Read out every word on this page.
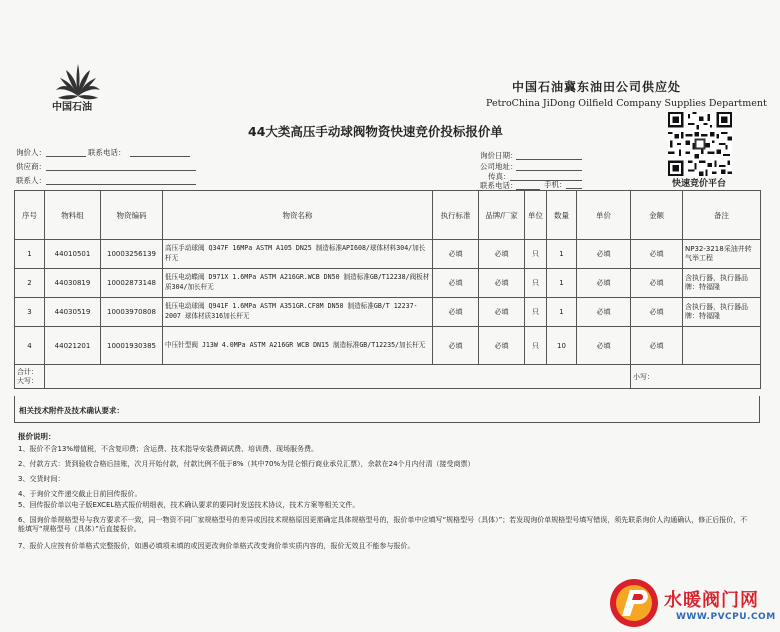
中国石油
中国石油冀东油田公司供应处
PetroChina JiDong Oilfield Company Supplies Department
44大类高压手动球阀物资快速竞价投标报价单
快速竞价平台
询价人：	联系电话：
供应商：
联系人：
询价日期：
公司地址：
传真：
联系电话：	手机：
序号	物料组	物资编码	物资名称	执行标准	品牌/厂家	单位	数量	单价	金额	备注
1	44010501	10003256139	高压手动球阀 Q347F 16MPa ASTM A105 DN25 制造标准API608/球体材料304/加长杆无	必填	必填	只	1	必填	必填	NP32-3218采油井转气举工程
2	44030819	10002873148	低压电动蝶阀 D971X 1.6MPa ASTM A216GR.WCB DN50 制造标准GB/T12238/阀板材质304/加长杆无	必填	必填	只	1	必填	必填	含执行器，执行器品牌：特福隆
3	44030519	10003970808	低压电动球阀 Q941F 1.6MPa ASTM A351GR.CF8M DN50 制造标准GB/T 12237-2007 球体材质316加长杆无	必填	必填	只	1	必填	必填	含执行器，执行器品牌：特福隆
4	44021201	10001930385	中压针型阀 J13W 4.0MPa ASTM A216GR WCB DN15 制造标准GB/T12235/加长杆无	必填	必填	只	10	必填	必填	
合计：大写：									小写：	
相关技术附件及技术确认要求：
报价说明：
1、报价不含13%增值税，不含复印费；含运费、技术指导安装费调试费、培训费、现场服务费。
2、付款方式：货到验收合格后挂账，次月开始付款，付款比例不低于8%（其中70%为昆仑银行商业承兑汇票），余款在24个月内付清（接受商票）
3、交货时间：
4、于询价文件递交截止日前回传报价。
5、回传报价单以电子版EXCEL格式报价明细表，技术确认要求的要同时发送技术协议，技术方案等相关文件。
6、国询价单规格型号与我方要求不一致，同一物资不同厂家规格型号的差异或因技术规格原因更需确定具体规格型号的，报价单中应填写“规格型号（具体）”；若发现询价单规格型号填写错误，须先联系询价人沟通确认，修正后报价，不能填写“规格型号（具体）”后直接报价。
7、报价人应按有价单格式完整报价，如遇必填项未填的或因更改询价单格式改变询价单实质内容的，报价无效且不能参与报价。
水暖阀门网
WWW.PVCPU.COM
